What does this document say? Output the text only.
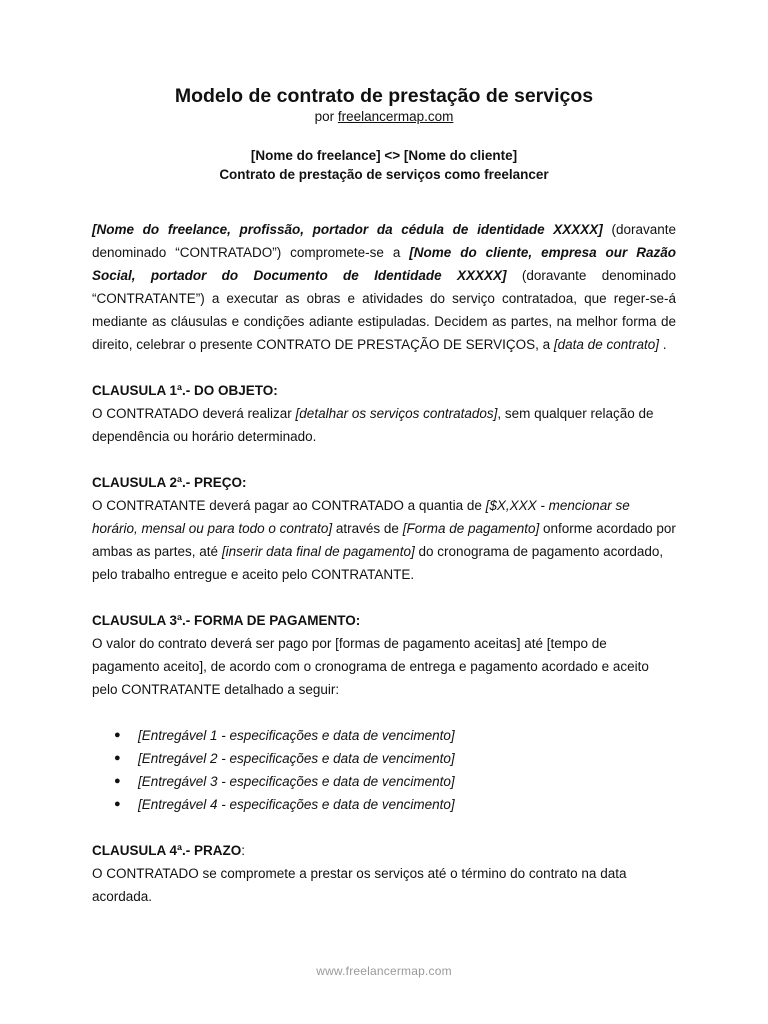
Modelo de contrato de prestação de serviços
por freelancermap.com
[Nome do freelance] <> [Nome do cliente]
Contrato de prestação de serviços como freelancer

[Nome do freelance, profissão, portador da cédula de identidade XXXXX] (doravante denominado “CONTRATADO”) compromete-se a [Nome do cliente, empresa our Razão Social, portador do Documento de Identidade XXXXX] (doravante denominado “CONTRATANTE”) a executar as obras e atividades do serviço contratadoa, que reger-se-á mediante as cláusulas e condições adiante estipuladas. Decidem as partes, na melhor forma de direito, celebrar o presente CONTRATO DE PRESTAÇÃO DE SERVIÇOS, a [data de contrato] .

CLAUSULA 1ª.- DO OBJETO:

O CONTRATADO deverá realizar [detalhar os serviços contratados], sem qualquer relação de dependência ou horário determinado.

CLAUSULA 2ª.- PREÇO:

O CONTRATANTE deverá pagar ao CONTRATADO a quantia de [$X,XXX - mencionar se horário, mensal ou para todo o contrato] através de [Forma de pagamento] onforme acordado por ambas as partes, até [inserir data final de pagamento] do cronograma de pagamento acordado, pelo trabalho entregue e aceito pelo CONTRATANTE.

CLAUSULA 3ª.- FORMA DE PAGAMENTO:

O valor do contrato deverá ser pago por [formas de pagamento aceitas] até [tempo de pagamento aceito], de acordo com o cronograma de entrega e pagamento acordado e aceito pelo CONTRATANTE detalhado a seguir:

● [Entregável 1 - especificações e data de vencimento]
● [Entregável 2 - especificações e data de vencimento]
● [Entregável 3 - especificações e data de vencimento]
● [Entregável 4 - especificações e data de vencimento]
CLAUSULA 4ª.- PRAZO:

O CONTRATADO se compromete a prestar os serviços até o término do contrato na data acordada.

www.freelancermap.com
